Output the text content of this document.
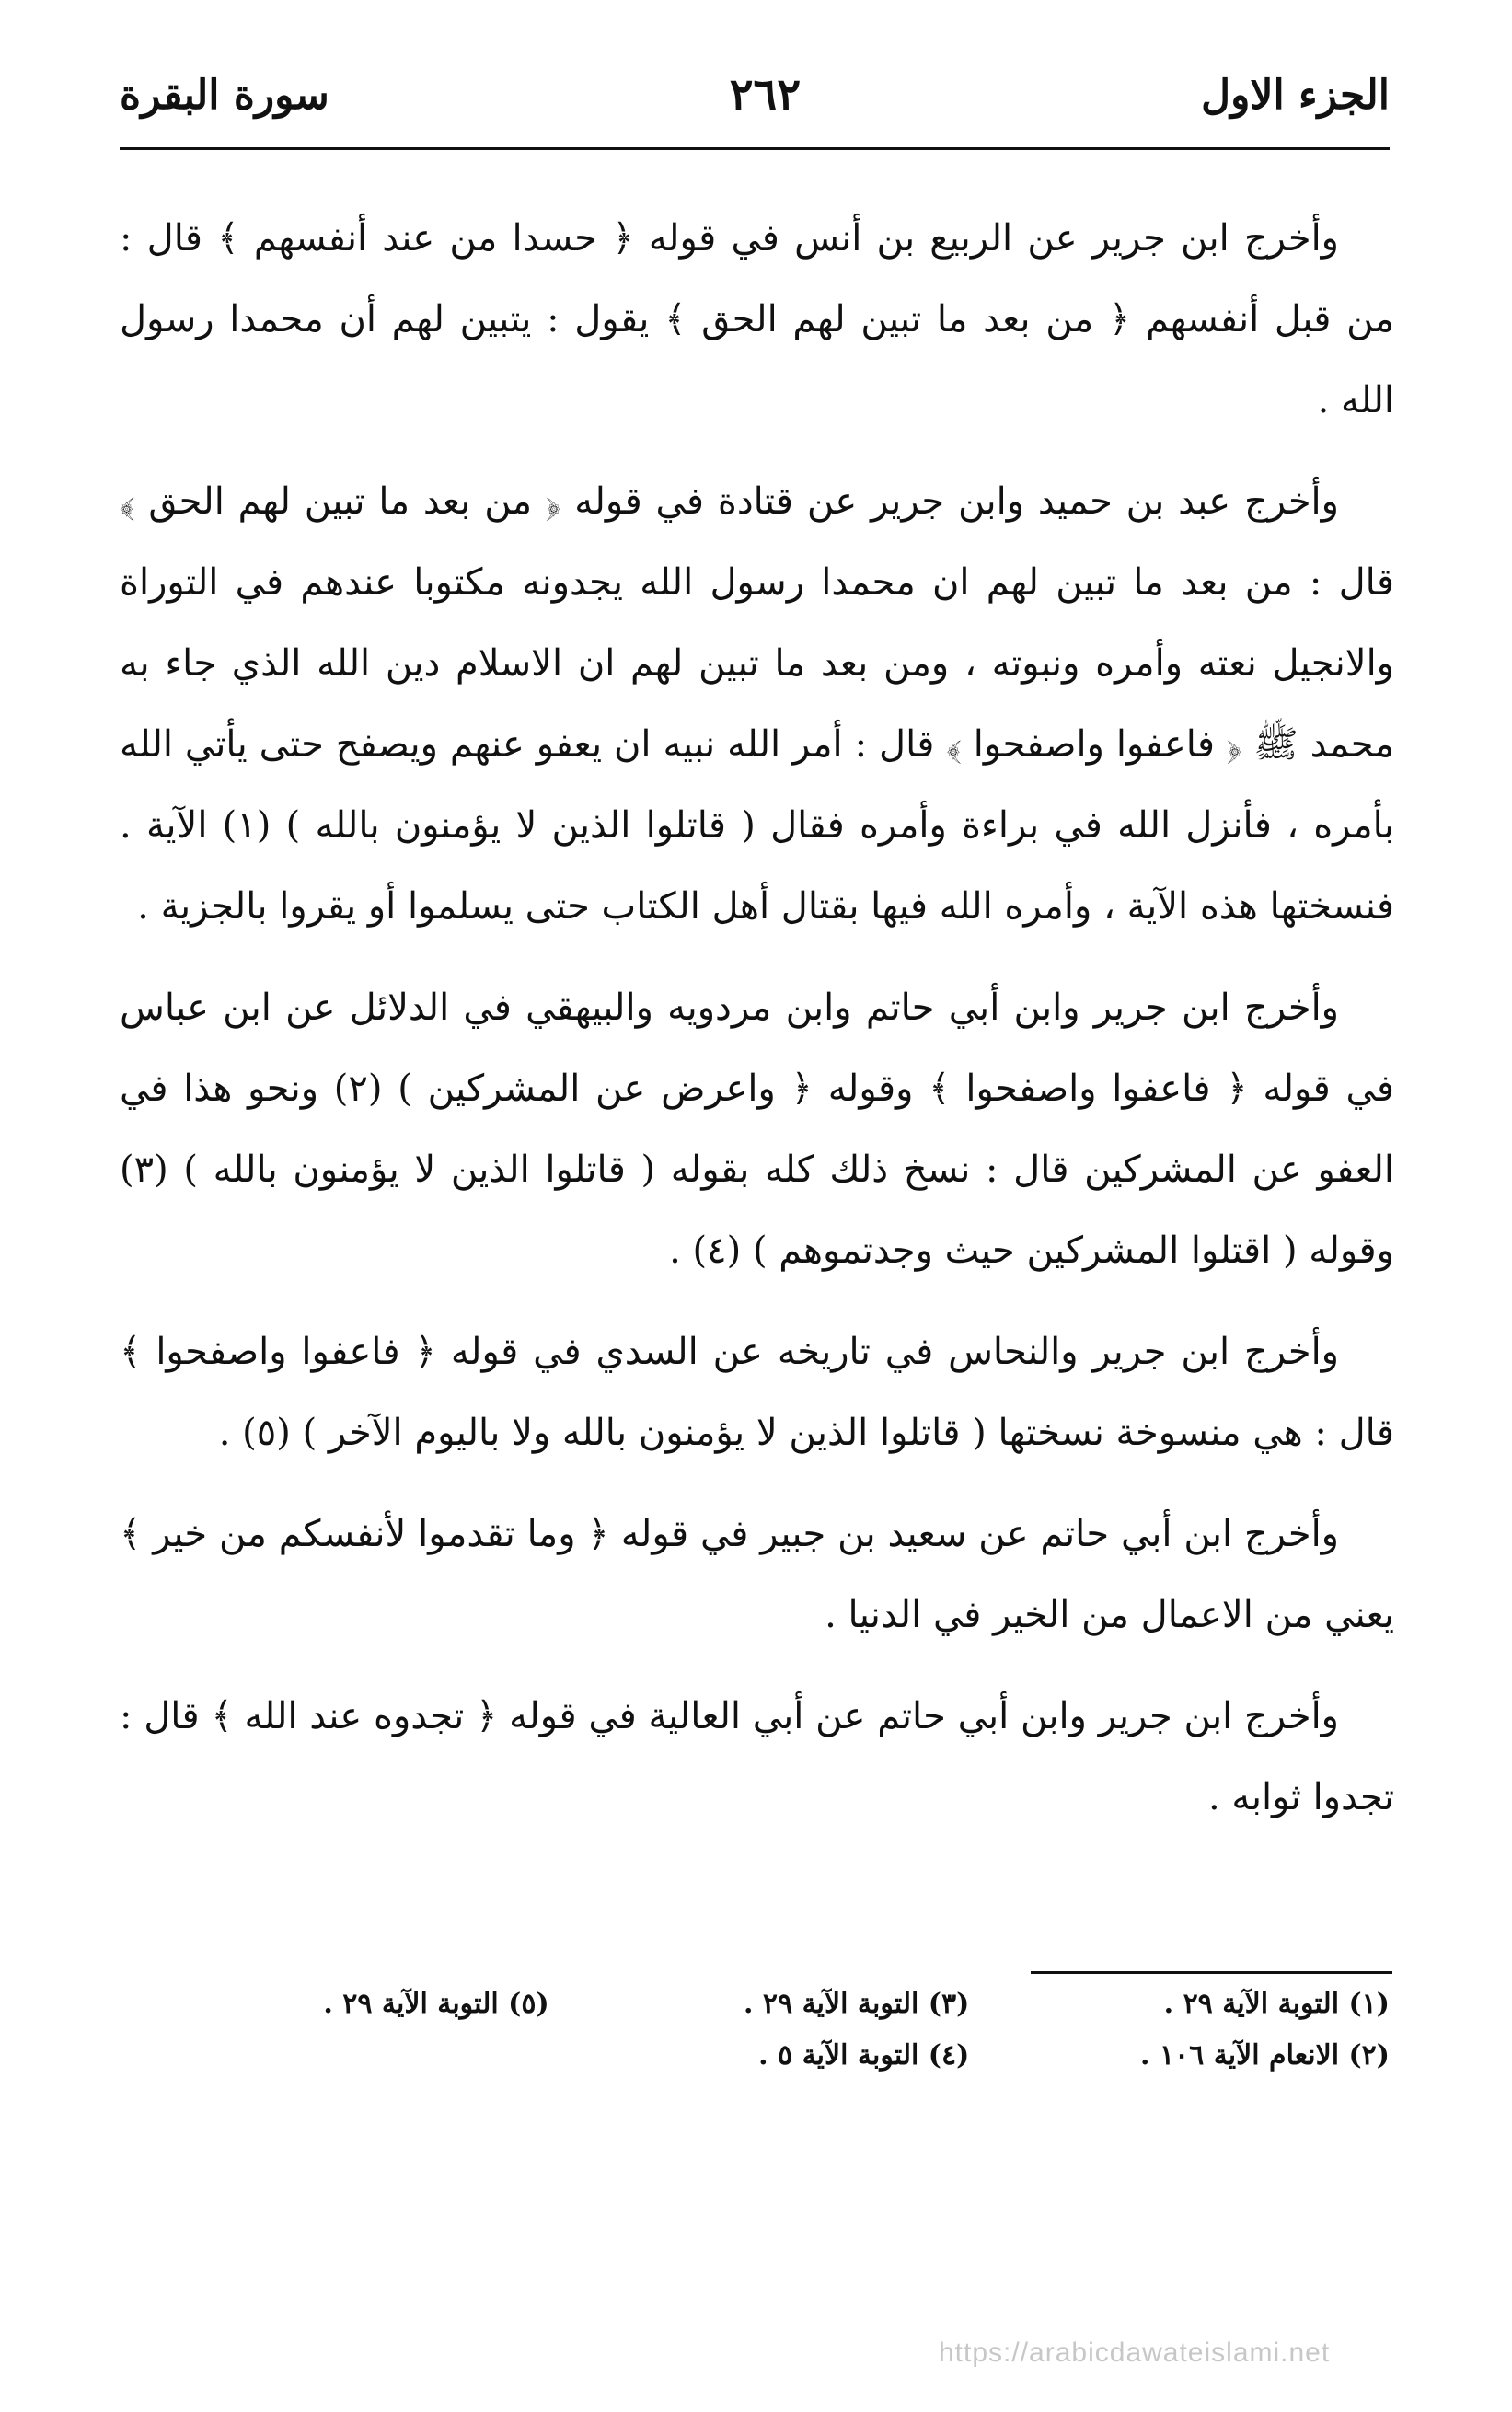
الجزء الاول
٢٦٢
سورة البقرة

وأخرج ابن جرير عن الربيع بن أنس في قوله ﴿ حسدا من عند أنفسهم ﴾ قال : من قبل أنفسهم ﴿ من بعد ما تبين لهم الحق ﴾ يقول : يتبين لهم أن محمدا رسول الله .

وأخرج عبد بن حميد وابن جرير عن قتادة في قوله ﴿ من بعد ما تبين لهم الحق ﴾ قال : من بعد ما تبين لهم ان محمدا رسول الله يجدونه مكتوبا عندهم في التوراة والانجيل نعته وأمره ونبوته ، ومن بعد ما تبين لهم ان الاسلام دين الله الذي جاء به محمد ﷺ ﴿ فاعفوا واصفحوا ﴾ قال : أمر الله نبيه ان يعفو عنهم ويصفح حتى يأتي الله بأمره ، فأنزل الله في براءة وأمره فقال ( قاتلوا الذين لا يؤمنون بالله ) (١) الآية . فنسختها هذه الآية ، وأمره الله فيها بقتال أهل الكتاب حتى يسلموا أو يقروا بالجزية .

وأخرج ابن جرير وابن أبي حاتم وابن مردويه والبيهقي في الدلائل عن ابن عباس في قوله ﴿ فاعفوا واصفحوا ﴾ وقوله ﴿ واعرض عن المشركين ) (٢) ونحو هذا في العفو عن المشركين قال : نسخ ذلك كله بقوله ( قاتلوا الذين لا يؤمنون بالله ) (٣) وقوله ( اقتلوا المشركين حيث وجدتموهم ) (٤) .

وأخرج ابن جرير والنحاس في تاريخه عن السدي في قوله ﴿ فاعفوا واصفحوا ﴾ قال : هي منسوخة نسختها ( قاتلوا الذين لا يؤمنون بالله ولا باليوم الآخر ) (٥) .

وأخرج ابن أبي حاتم عن سعيد بن جبير في قوله ﴿ وما تقدموا لأنفسكم من خير ﴾ يعني من الاعمال من الخير في الدنيا .

وأخرج ابن جرير وابن أبي حاتم عن أبي العالية في قوله ﴿ تجدوه عند الله ﴾ قال : تجدوا ثوابه .

(١) التوبة الآية ٢٩ .
(٣) التوبة الآية ٢٩ .
(٥) التوبة الآية ٢٩ .
(٢) الانعام الآية ١٠٦ .
(٤) التوبة الآية ٥ .
https://arabicdawateislami.net
